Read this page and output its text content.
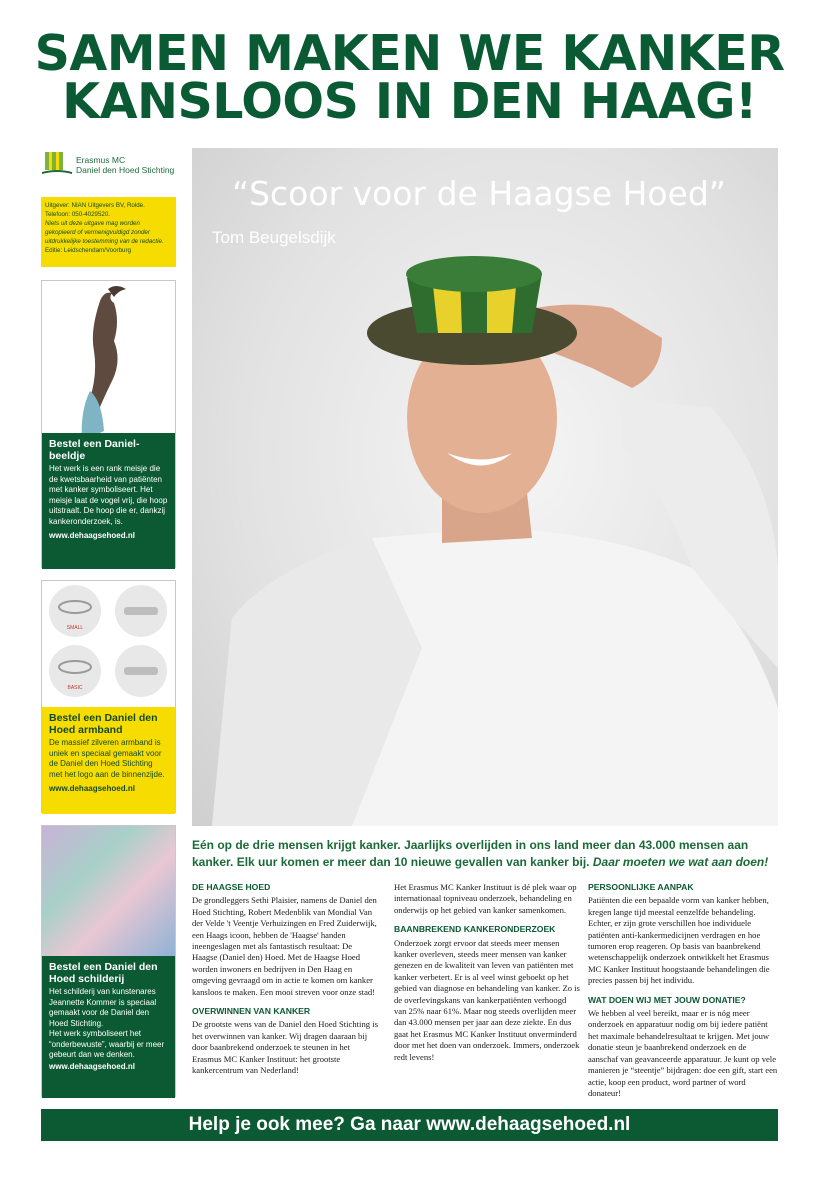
SAMEN MAKEN WE KANKER
KANSLOOS IN DEN HAAG!
Erasmus MC
Daniel den Hoed Stichting
Uitgever: NIAN Uitgevers BV, Rolde.
Telefoon: 050-4029520.
Niets uit deze uitgave mag worden gekopieerd of vermenigvuldigd zonder uitdrukkelijke toestemming van de redactie.
Editie: Leidschendam/Voorburg
Bestel een Daniel-beeldje

Het werk is een rank meisje die de kwetsbaarheid van patiënten met kanker symboliseert. Het meisje laat de vogel vrij, die hoop uitstraalt. De hoop die er, dankzij kankeronderzoek, is.

www.dehaagsehoed.nl

SMALL
BASIC
Bestel een Daniel den Hoed armband

De massief zilveren armband is uniek en speciaal gemaakt voor de Daniel den Hoed Stichting met het logo aan de binnenzijde.

www.dehaagsehoed.nl

Bestel een Daniel den Hoed schilderij

Het schilderij van kunstenares Jeannette Kommer is speciaal gemaakt voor de Daniel den Hoed Stichting.

Het werk symboliseert het “onderbewuste”, waarbij er meer gebeurt dan we denken.

www.dehaagsehoed.nl

“Scoor voor de Haagse Hoed”
Tom Beugelsdijk
Eén op de drie mensen krijgt kanker. Jaarlijks overlijden in ons land meer dan 43.000 mensen aan kanker. Elk uur komen er meer dan 10 nieuwe gevallen van kanker bij. Daar moeten we wat aan doen!
DE HAAGSE HOED

De grondleggers Sethi Plaisier, namens de Daniel den Hoed Stichting, Robert Medenblik van Mondial Van der Velde 't Veentje Verhuizingen en Fred Zuiderwijk, een Haags icoon, hebben de 'Haagse' handen ineengeslagen met als fantastisch resultaat: De Haagse (Daniel den) Hoed. Met de Haagse Hoed worden inwoners en bedrijven in Den Haag en omgeving gevraagd om in actie te komen om kanker kansloos te maken. Een mooi streven voor onze stad!

OVERWINNEN VAN KANKER

De grootste wens van de Daniel den Hoed Stichting is het overwinnen van kanker. Wij dragen daaraan bij door baanbrekend onderzoek te steunen in het Erasmus MC Kanker Instituut: het grootste kankercentrum van Nederland!

Het Erasmus MC Kanker Instituut is dé plek waar op internationaal topniveau onderzoek, behandeling en onderwijs op het gebied van kanker samenkomen.

BAANBREKEND KANKERONDERZOEK

Onderzoek zorgt ervoor dat steeds meer mensen kanker overleven, steeds meer mensen van kanker genezen en de kwaliteit van leven van patiënten met kanker verbetert. Er is al veel winst geboekt op het gebied van diagnose en behandeling van kanker. Zo is de overlevingskans van kankerpatiënten verhoogd van 25% naar 61%. Maar nog steeds overlijden meer dan 43.000 mensen per jaar aan deze ziekte. En dus gaat het Erasmus MC Kanker Instituut onverminderd door met het doen van onderzoek. Immers, onderzoek redt levens!

PERSOONLIJKE AANPAK

Patiënten die een bepaalde vorm van kanker hebben, kregen lange tijd meestal eenzelfde behandeling. Echter, er zijn grote verschillen hoe individuele patiënten anti-kankermedicijnen verdragen en hoe tumoren erop reageren. Op basis van baanbrekend wetenschappelijk onderzoek ontwikkelt het Erasmus MC Kanker Instituut hoogstaande behandelingen die precies passen bij het individu.

WAT DOEN WIJ MET JOUW DONATIE?

We hebben al veel bereikt, maar er is nóg meer onderzoek en apparatuur nodig om bij iedere patiënt het maximale behandelresultaat te krijgen. Met jouw donatie steun je baanbrekend onderzoek en de aanschaf van geavanceerde apparatuur. Je kunt op vele manieren je “steentje” bijdragen: doe een gift, start een actie, koop een product, word partner of word donateur!

Help je ook mee? Ga naar www.dehaagsehoed.nl
